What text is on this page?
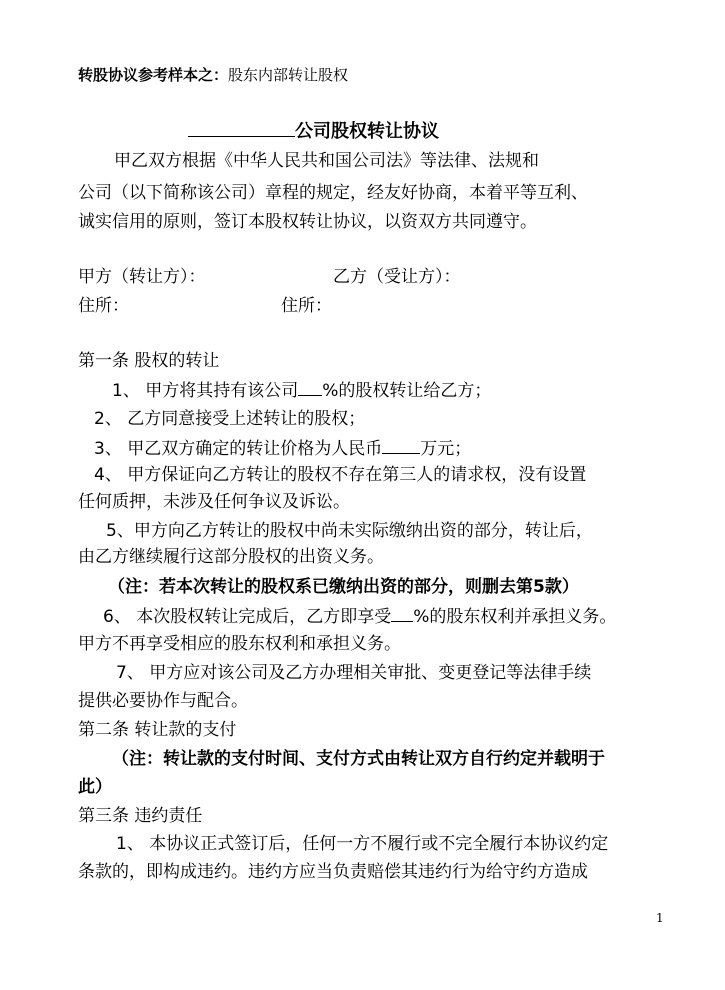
转股协议参考样本之：股东内部转让股权
公司股权转让协议
甲乙双方根据《中华人民共和国公司法》等法律、法规和
公司（以下简称该公司）章程的规定，经友好协商，本着平等互利、
诚实信用的原则，签订本股权转让协议，以资双方共同遵守。
甲方（转让方）：	乙方（受让方）：
住所：	住所：
第一条 股权的转让
1、 甲方将其持有该公司 %的股权转让给乙方；
2、 乙方同意接受上述转让的股权；
3、 甲乙双方确定的转让价格为人民币 万元；
4、 甲方保证向乙方转让的股权不存在第三人的请求权，没有设置
任何质押，未涉及任何争议及诉讼。
5、甲方向乙方转让的股权中尚未实际缴纳出资的部分，转让后，
由乙方继续履行这部分股权的出资义务。
（注：若本次转让的股权系已缴纳出资的部分，则删去第5款）
6、 本次股权转让完成后，乙方即享受 %的股东权利并承担义务。
甲方不再享受相应的股东权利和承担义务。
7、 甲方应对该公司及乙方办理相关审批、变更登记等法律手续
提供必要协作与配合。
第二条 转让款的支付
（注：转让款的支付时间、支付方式由转让双方自行约定并载明于
此）
第三条 违约责任
1、 本协议正式签订后，任何一方不履行或不完全履行本协议约定
条款的，即构成违约。违约方应当负责赔偿其违约行为给守约方造成
1
